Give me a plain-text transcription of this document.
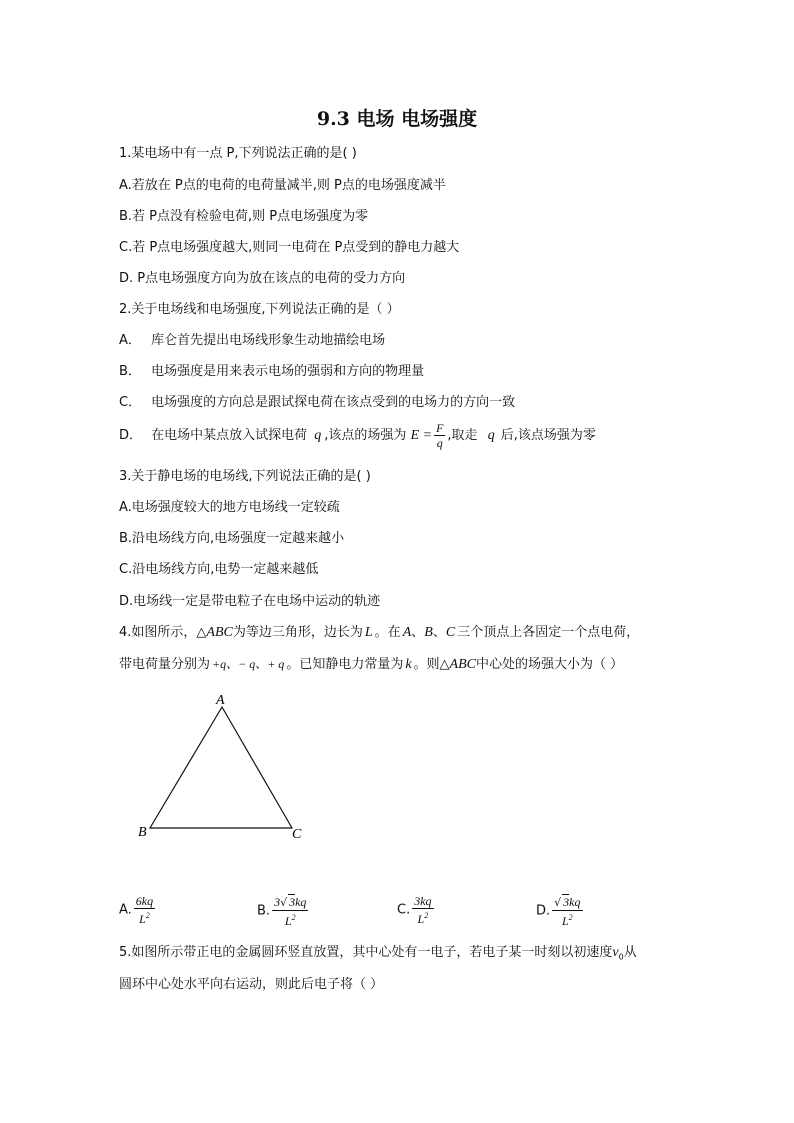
9.3 电场 电场强度
1.某电场中有一点 P,下列说法正确的是( )
A.若放在 P点的电荷的电荷量减半,则 P点的电场强度减半
B.若 P点没有检验电荷,则 P点电场强度为零
C.若 P点电场强度越大,则同一电荷在 P点受到的静电力越大
D. P点电场强度方向为放在该点的电荷的受力方向
2.关于电场线和电场强度,下列说法正确的是（ ）
A． 库仑首先提出电场线形象生动地描绘电场
B． 电场强度是用来表示电场的强弱和方向的物理量
C． 电场强度的方向总是跟试探电荷在该点受到的电场力的方向一致
D． 在电场中某点放入试探电荷 q ,该点的场强为 $E = \frac{F}{q}$ ,取走 q 后,该点场强为零
3.关于静电场的电场线,下列说法正确的是( )
A.电场强度较大的地方电场线一定较疏
B.沿电场线方向,电场强度一定越来越小
C.沿电场线方向,电势一定越来越低
D.电场线一定是带电粒子在电场中运动的轨迹
4.如图所示，△ABC为等边三角形，边长为 L 。在 A、B、C 三个顶点上各固定一个点电荷，
带电荷量分别为 +q、− q、+ q 。已知静电力常量为 k 。则△ABC中心处的场强大小为（ ）
A
B	C
A. $\frac{6kq}{L^2}$	B. $\frac{3√ 3kq}{L^2}$	C. $\frac{3kq}{L^2}$	D. $\frac{√ 3kq}{L^2}$
5.如图所示带正电的金属圆环竖直放置，其中心处有一电子，若电子某一时刻以初速度$v_0$从
圆环中心处水平向右运动，则此后电子将（ ）
